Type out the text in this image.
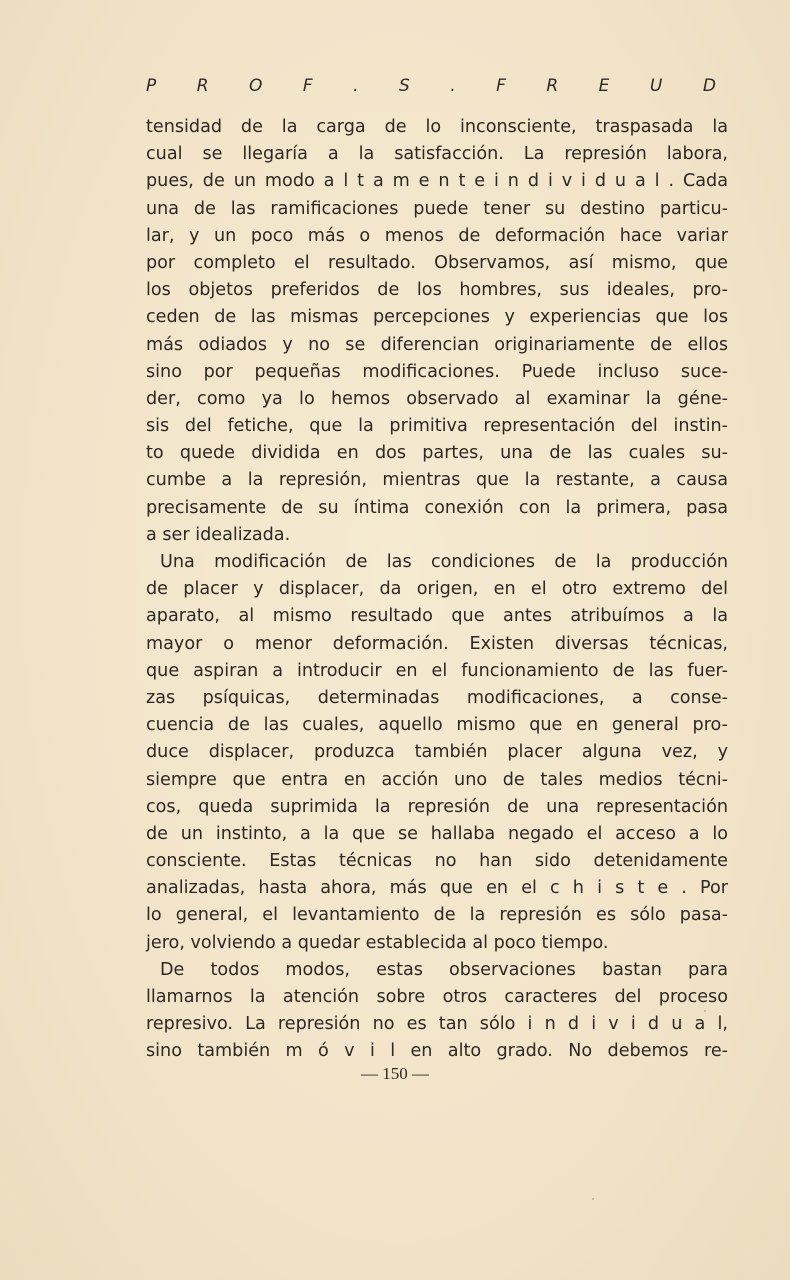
P R O F . S . F R E U D
tensidad de la carga de lo inconsciente, traspasada la
cual se llegaría a la satisfacción. La represión labora,
pues, de un modo a l t a m e n t e i n d i v i d u a l . Cada
una de las ramificaciones puede tener su destino particu-
lar, y un poco más o menos de deformación hace variar
por completo el resultado. Observamos, así mismo, que
los objetos preferidos de los hombres, sus ideales, pro-
ceden de las mismas percepciones y experiencias que los
más odiados y no se diferencian originariamente de ellos
sino por pequeñas modificaciones. Puede incluso suce-
der, como ya lo hemos observado al examinar la géne-
sis del fetiche, que la primitiva representación del instin-
to quede dividida en dos partes, una de las cuales su-
cumbe a la represión, mientras que la restante, a causa
precisamente de su íntima conexión con la primera, pasa
a ser idealizada.
Una modificación de las condiciones de la producción
de placer y displacer, da origen, en el otro extremo del
aparato, al mismo resultado que antes atribuímos a la
mayor o menor deformación. Existen diversas técnicas,
que aspiran a introducir en el funcionamiento de las fuer-
zas psíquicas, determinadas modificaciones, a conse-
cuencia de las cuales, aquello mismo que en general pro-
duce displacer, produzca también placer alguna vez, y
siempre que entra en acción uno de tales medios técni-
cos, queda suprimida la represión de una representación
de un instinto, a la que se hallaba negado el acceso a lo
consciente. Estas técnicas no han sido detenidamente
analizadas, hasta ahora, más que en el c h i s t e . Por
lo general, el levantamiento de la represión es sólo pasa-
jero, volviendo a quedar establecida al poco tiempo.
De todos modos, estas observaciones bastan para
llamarnos la atención sobre otros caracteres del proceso
represivo. La represión no es tan sólo i n d i v i d u a l,
sino también m ó v i l en alto grado. No debemos re-
— 150 —
